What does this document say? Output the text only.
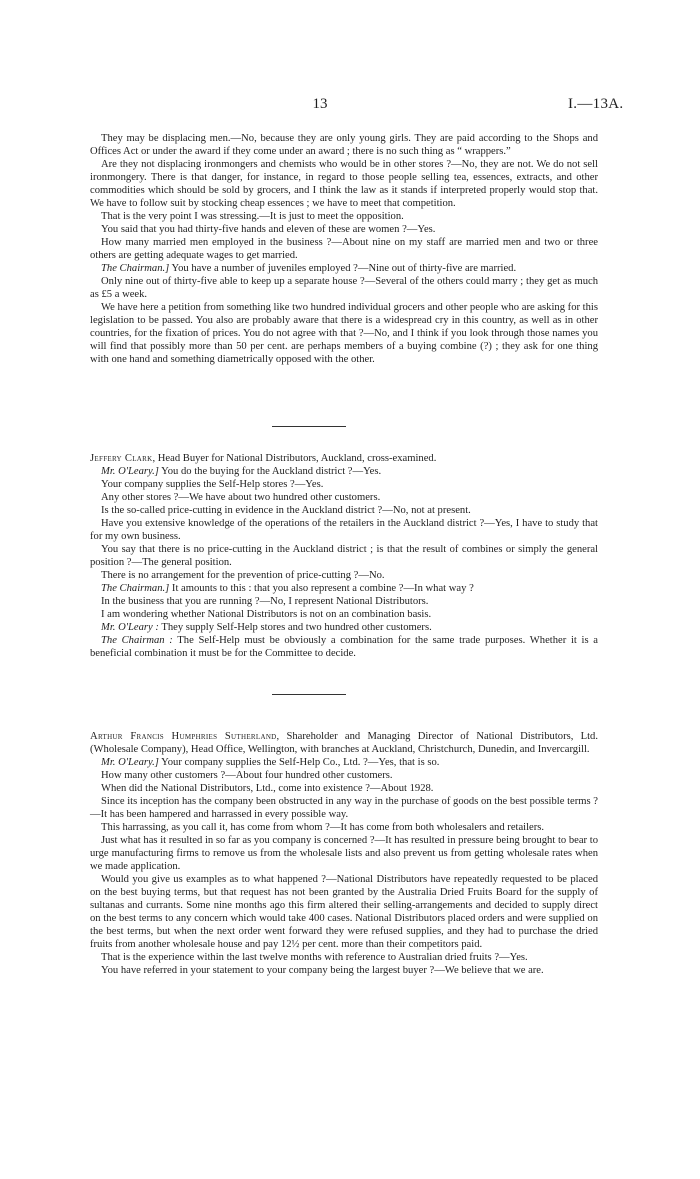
13	I.—13A.

They may be displacing men.—No, because they are only young girls. They are paid according to the Shops and Offices Act or under the award if they come under an award ; there is no such thing as “ wrappers.”

Are they not displacing ironmongers and chemists who would be in other stores ?—No, they are not. We do not sell ironmongery. There is that danger, for instance, in regard to those people selling tea, essences, extracts, and other commodities which should be sold by grocers, and I think the law as it stands if interpreted properly would stop that. We have to follow suit by stocking cheap essences ; we have to meet that competition.

That is the very point I was stressing.—It is just to meet the opposition.

You said that you had thirty-five hands and eleven of these are women ?—Yes.

How many married men employed in the business ?—About nine on my staff are married men and two or three others are getting adequate wages to get married.

The Chairman.] You have a number of juveniles employed ?—Nine out of thirty-five are married.

Only nine out of thirty-five able to keep up a separate house ?—Several of the others could marry ; they get as much as £5 a week.

We have here a petition from something like two hundred individual grocers and other people who are asking for this legislation to be passed. You also are probably aware that there is a widespread cry in this country, as well as in other countries, for the fixation of prices. You do not agree with that ?—No, and I think if you look through those names you will find that possibly more than 50 per cent. are perhaps members of a buying combine (?) ; they ask for one thing with one hand and something diametrically opposed with the other.

Jeffery Clark, Head Buyer for National Distributors, Auckland, cross-examined.

Mr. O'Leary.] You do the buying for the Auckland district ?—Yes.

Your company supplies the Self-Help stores ?—Yes.

Any other stores ?—We have about two hundred other customers.

Is the so-called price-cutting in evidence in the Auckland district ?—No, not at present.

Have you extensive knowledge of the operations of the retailers in the Auckland district ?—Yes, I have to study that for my own business.

You say that there is no price-cutting in the Auckland district ; is that the result of combines or simply the general position ?—The general position.

There is no arrangement for the prevention of price-cutting ?—No.

The Chairman.] It amounts to this : that you also represent a combine ?—In what way ?

In the business that you are running ?—No, I represent National Distributors.

I am wondering whether National Distributors is not on an combination basis.

Mr. O'Leary : They supply Self-Help stores and two hundred other customers.

The Chairman : The Self-Help must be obviously a combination for the same trade purposes. Whether it is a beneficial combination it must be for the Committee to decide.

Arthur Francis Humphries Sutherland, Shareholder and Managing Director of National Distributors, Ltd. (Wholesale Company), Head Office, Wellington, with branches at Auckland, Christchurch, Dunedin, and Invercargill.

Mr. O'Leary.] Your company supplies the Self-Help Co., Ltd. ?—Yes, that is so.

How many other customers ?—About four hundred other customers.

When did the National Distributors, Ltd., come into existence ?—About 1928.

Since its inception has the company been obstructed in any way in the purchase of goods on the best possible terms ?—It has been hampered and harrassed in every possible way.

This harrassing, as you call it, has come from whom ?—It has come from both wholesalers and retailers.

Just what has it resulted in so far as you company is concerned ?—It has resulted in pressure being brought to bear to urge manufacturing firms to remove us from the wholesale lists and also prevent us from getting wholesale rates when we made application.

Would you give us examples as to what happened ?—National Distributors have repeatedly requested to be placed on the best buying terms, but that request has not been granted by the Australia Dried Fruits Board for the supply of sultanas and currants. Some nine months ago this firm altered their selling-arrangements and decided to supply direct on the best terms to any concern which would take 400 cases. National Distributors placed orders and were supplied on the best terms, but when the next order went forward they were refused supplies, and they had to purchase the dried fruits from another wholesale house and pay 12½ per cent. more than their competitors paid.

That is the experience within the last twelve months with reference to Australian dried fruits ?—Yes.

You have referred in your statement to your company being the largest buyer ?—We believe that we are.
